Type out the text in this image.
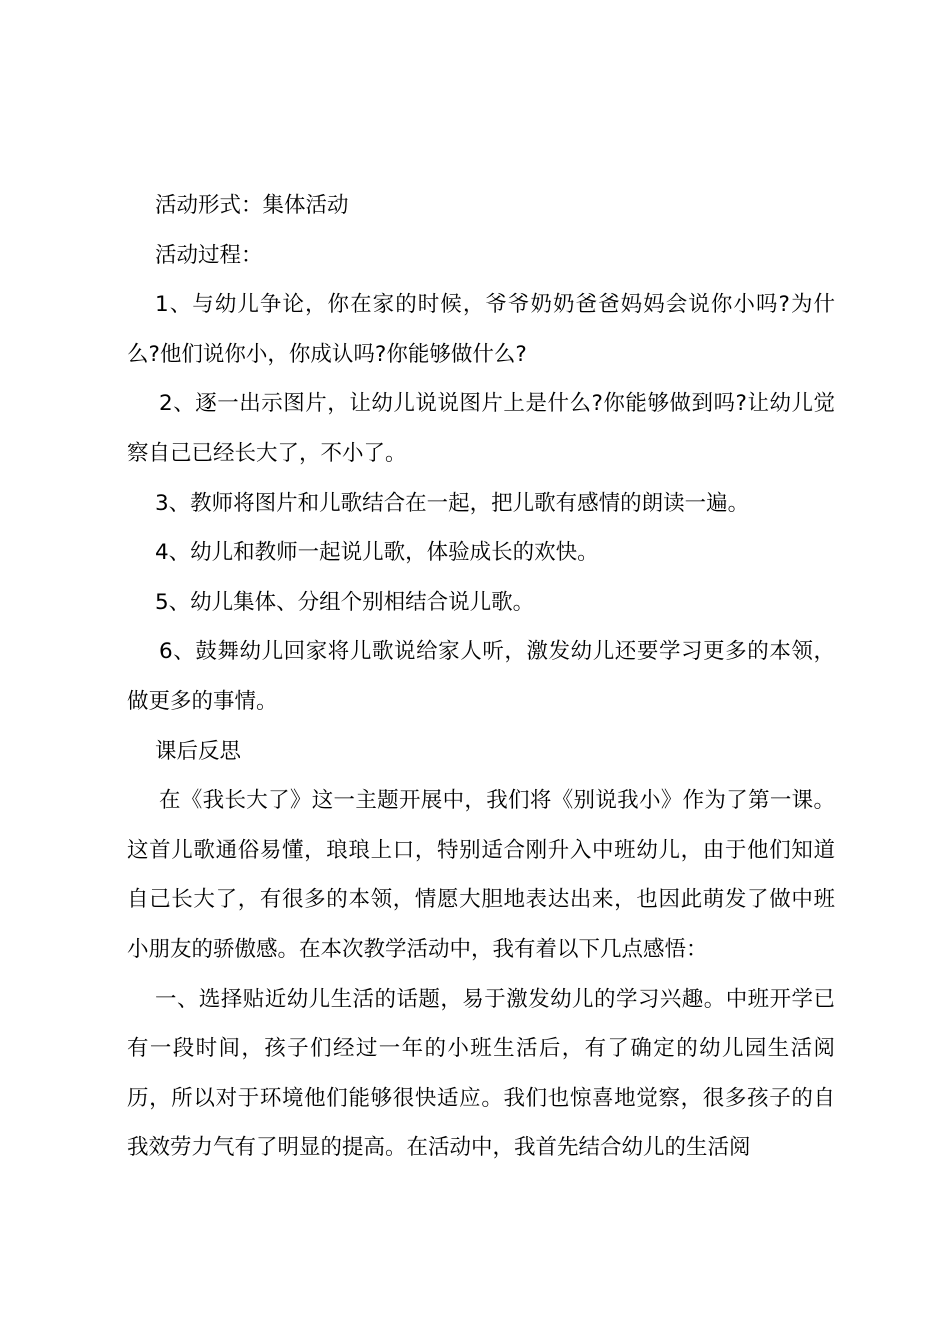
活动形式：集体活动

活动过程：

1、与幼儿争论，你在家的时候，爷爷奶奶爸爸妈妈会说你小吗?为什么?他们说你小，你成认吗?你能够做什么?

2、逐一出示图片，让幼儿说说图片上是什么?你能够做到吗?让幼儿觉察自己已经长大了，不小了。

3、教师将图片和儿歌结合在一起，把儿歌有感情的朗读一遍。

4、幼儿和教师一起说儿歌，体验成长的欢快。

5、幼儿集体、分组个别相结合说儿歌。

6、鼓舞幼儿回家将儿歌说给家人听，激发幼儿还要学习更多的本领，做更多的事情。

课后反思

在《我长大了》这一主题开展中，我们将《别说我小》作为了第一课。这首儿歌通俗易懂，琅琅上口，特别适合刚升入中班幼儿，由于他们知道自己长大了，有很多的本领，情愿大胆地表达出来，也因此萌发了做中班小朋友的骄傲感。在本次教学活动中，我有着以下几点感悟：

一、选择贴近幼儿生活的话题，易于激发幼儿的学习兴趣。中班开学已有一段时间，孩子们经过一年的小班生活后，有了确定的幼儿园生活阅历，所以对于环境他们能够很快适应。我们也惊喜地觉察，很多孩子的自我效劳力气有了明显的提高。在活动中，我首先结合幼儿的生活阅
